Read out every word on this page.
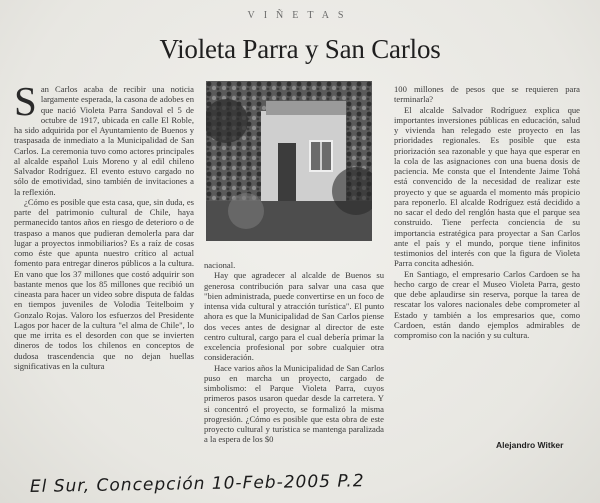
VIÑETAS
Violeta Parra y San Carlos

San Carlos acaba de recibir una noticia largamente esperada, la casona de adobes en que nació Violeta Parra Sandoval el 5 de octubre de 1917, ubicada en calle El Roble, ha sido adquirida por el Ayuntamiento de Buenos y traspasada de inmediato a la Municipalidad de San Carlos. La ceremonia tuvo como actores principales al alcalde español Luis Moreno y al edil chileno Salvador Rodríguez. El evento estuvo cargado no sólo de emotividad, sino también de invitaciones a la reflexión.

¿Cómo es posible que esta casa, que, sin duda, es parte del patrimonio cultural de Chile, haya permanecido tantos años en riesgo de deterioro o de traspaso a manos que pudieran demolerla para dar lugar a proyectos inmobiliarios? Es a raíz de cosas como éste que apunta nuestro crítico al actual fomento para entregar dineros públicos a la cultura. En vano que los 37 millones que costó adquirir son bastante menos que los 85 millones que recibió un cineasta para hacer un video sobre disputa de faldas en tiempos juveniles de Volodia Teitelboim y Gonzalo Rojas. Valoro los esfuerzos del Presidente Lagos por hacer de la cultura "el alma de Chile", lo que me irrita es el desorden con que se invierten dineros de todos los chilenos en conceptos de dudosa trascendencia que no dejan huellas significativas en la cultura

nacional.

Hay que agradecer al alcalde de Buenos su generosa contribución para salvar una casa que "bien administrada, puede convertirse en un foco de intensa vida cultural y atracción turística". El punto ahora es que la Municipalidad de San Carlos piense dos veces antes de designar al director de este centro cultural, cargo para el cual debería primar la excelencia profesional por sobre cualquier otra consideración.

Hace varios años la Municipalidad de San Carlos puso en marcha un proyecto, cargado de simbolismo: el Parque Violeta Parra, cuyos primeros pasos usaron quedar desde la carretera. Y si concentró el proyecto, se formalizó la misma progresión. ¿Cómo es posible que esta obra de este proyecto cultural y turística se mantenga paralizada a la espera de los $0

100 millones de pesos que se requieren para terminarla?

El alcalde Salvador Rodríguez explica que importantes inversiones públicas en educación, salud y vivienda han relegado este proyecto en las prioridades regionales. Es posible que esta priorización sea razonable y que haya que esperar en la cola de las asignaciones con una buena dosis de paciencia. Me consta que el Intendente Jaime Tohá está convencido de la necesidad de realizar este proyecto y que se aguarda el momento más propicio para reponerlo. El alcalde Rodríguez está decidido a no sacar el dedo del renglón hasta que el parque sea construido. Tiene perfecta conciencia de su importancia estratégica para proyectar a San Carlos ante el país y el mundo, porque tiene infinitos testimonios del interés con que la figura de Violeta Parra concita adhesión.

En Santiago, el empresario Carlos Cardoen se ha hecho cargo de crear el Museo Violeta Parra, gesto que debe aplaudirse sin reserva, porque la tarea de rescatar los valores nacionales debe comprometer al Estado y también a los empresarios que, como Cardoen, están dando ejemplos admirables de compromiso con la nación y su cultura.

Alejandro Witker
El Sur, Concepción 10-Feb-2005 P.2
